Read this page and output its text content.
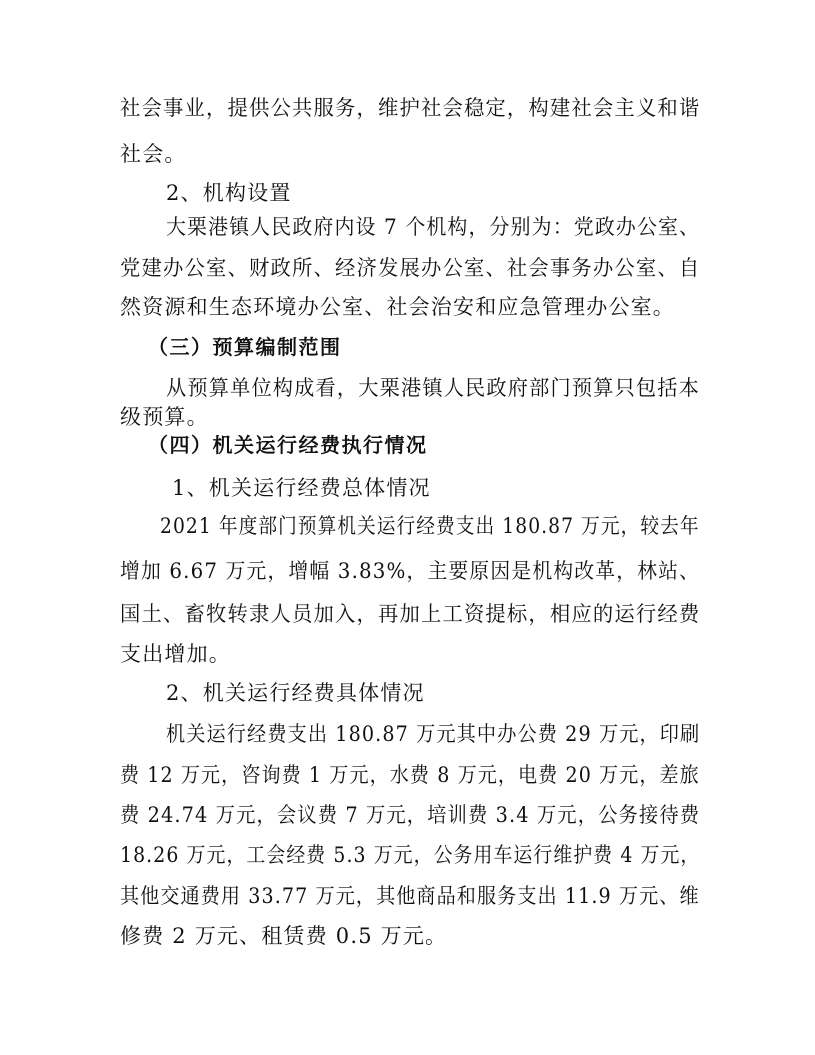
社会事业，提供公共服务，维护社会稳定，构建社会主义和谐
社会。
2、机构设置
大栗港镇人民政府内设 7 个机构，分别为：党政办公室、
党建办公室、财政所、经济发展办公室、社会事务办公室、自
然资源和生态环境办公室、社会治安和应急管理办公室。
（三）预算编制范围
从预算单位构成看，大栗港镇人民政府部门预算只包括本
级预算。
（四）机关运行经费执行情况
1、机关运行经费总体情况
2021 年度部门预算机关运行经费支出 180.87 万元，较去年
增加 6.67 万元，增幅 3.83%，主要原因是机构改革，林站、
国土、畜牧转隶人员加入，再加上工资提标，相应的运行经费
支出增加。
2、机关运行经费具体情况
机关运行经费支出 180.87 万元其中办公费 29 万元，印刷
费 12 万元，咨询费 1 万元，水费 8 万元，电费 20 万元，差旅
费 24.74 万元，会议费 7 万元，培训费 3.4 万元，公务接待费
18.26 万元，工会经费 5.3 万元，公务用车运行维护费 4 万元，
其他交通费用 33.77 万元，其他商品和服务支出 11.9 万元、维
修费 2 万元、租赁费 0.5 万元。
